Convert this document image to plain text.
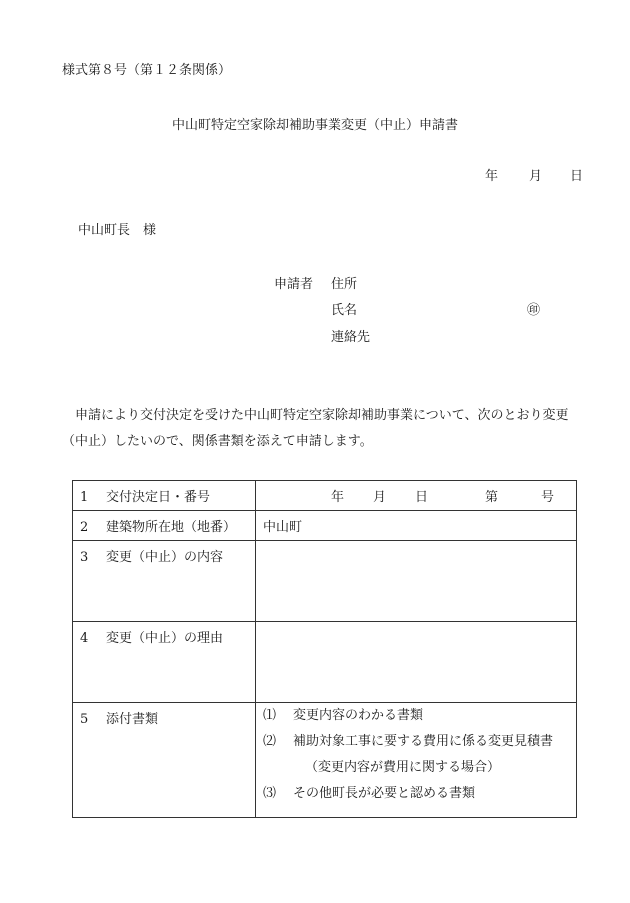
様式第８号（第１２条関係）
中山町特定空家除却補助事業変更（中止）申請書
年 月 日
中山町長　様
申請者 住所
氏名	㊞
連絡先

申請により交付決定を受けた中山町特定空家除却補助事業について、次のとおり変更（中止）したいので、関係書類を添えて申請します。

1 交付決定日・番号	年 月 日 第 号

2 建築物所在地（地番）	中山町
3 変更（中止）の内容	
4 変更（中止）の理由	
5 添付書類	⑴ 変更内容のわかる書類
⑵ 補助対象工事に要する費用に係る変更見積書
（変更内容が費用に関する場合）
⑶ その他町長が必要と認める書類
